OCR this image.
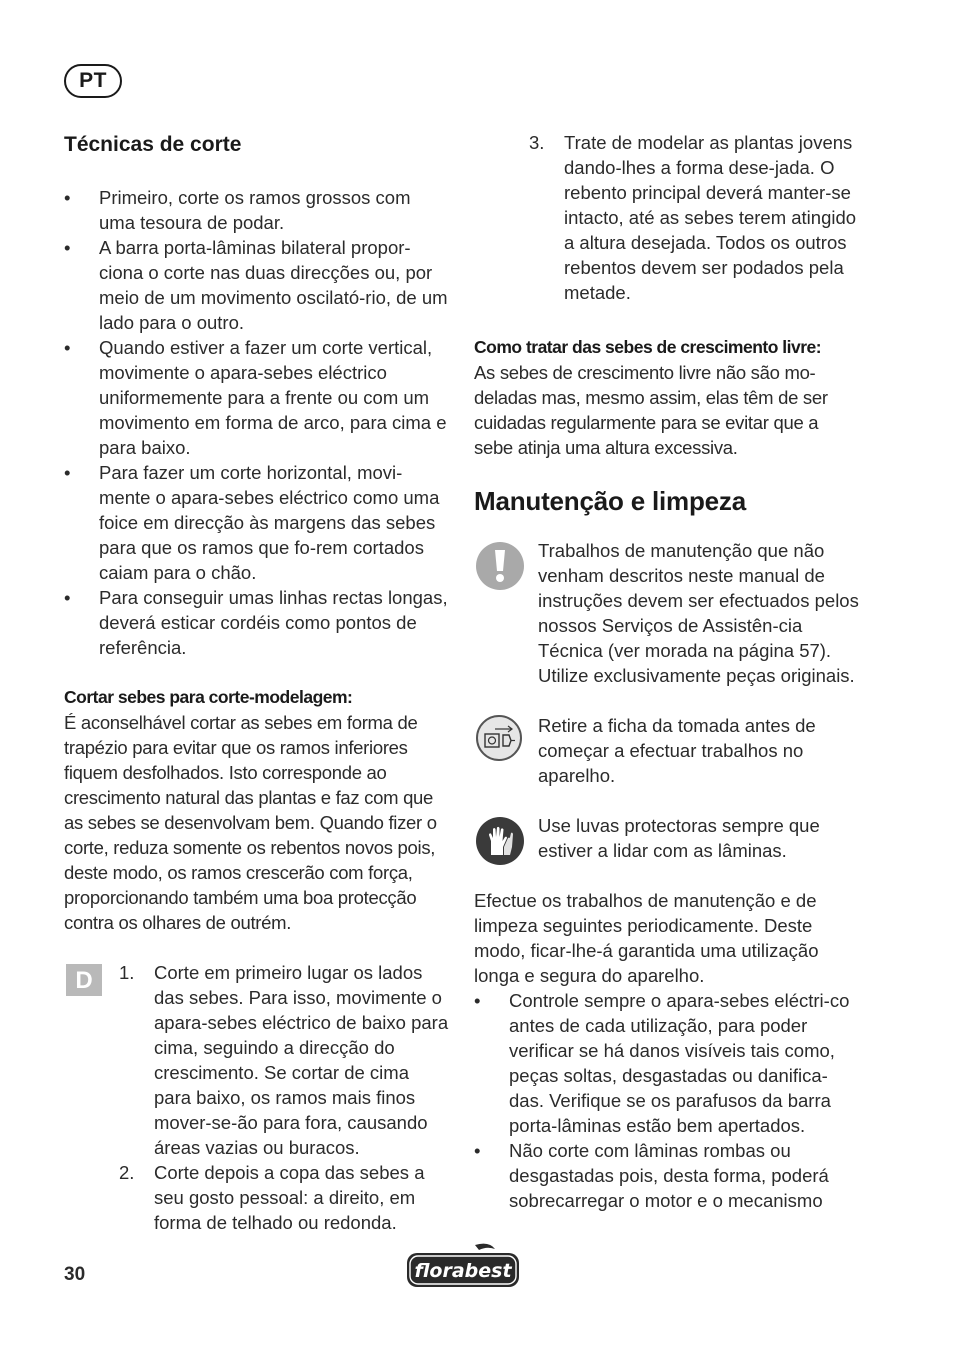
PT
Técnicas de corte
• Primeiro, corte os ramos grossos com uma tesoura de podar.
• A barra porta-lâminas bilateral propor-ciona o corte nas duas direcções ou, por meio de um movimento oscilató-rio, de um lado para o outro.
• Quando estiver a fazer um corte vertical, movimente o apara-sebes eléctrico uniformemente para a frente ou com um movimento em forma de arco, para cima e para baixo.
• Para fazer um corte horizontal, movi-mente o apara-sebes eléctrico como uma foice em direcção às margens das sebes para que os ramos que fo-rem cortados caiam para o chão.
• Para conseguir umas linhas rectas longas, deverá esticar cordéis como pontos de referência.

Cortar sebes para corte-modelagem:

É aconselhável cortar as sebes em forma de trapézio para evitar que os ramos inferiores fiquem desfolhados. Isto corresponde ao crescimento natural das plantas e faz com que as sebes se desenvolvam bem. Quando fizer o corte, reduza somente os rebentos novos pois, deste modo, os ramos crescerão com força, proporcionando também uma boa protecção contra os olhares de outrém.

D 1.	Corte em primeiro lugar os lados das sebes. Para isso, movimente o apara-sebes eléctrico de baixo para cima, seguindo a direcção do crescimento. Se cortar de cima para baixo, os ramos mais finos mover-se-ão para fora, causando áreas vazias ou buracos.
2.	Corte depois a copa das sebes a seu gosto pessoal: a direito, em forma de telhado ou redonda.
3.	Trate de modelar as plantas jovens dando-lhes a forma dese-jada. O rebento principal deverá manter-se intacto, até as sebes terem atingido a altura desejada. Todos os outros rebentos devem ser podados pela metade.

Como tratar das sebes de crescimento livre:

As sebes de crescimento livre não são mo-deladas mas, mesmo assim, elas têm de ser cuidadas regularmente para se evitar que a sebe atinja uma altura excessiva.

Manutenção e limpeza

Trabalhos de manutenção que não venham descritos neste manual de instruções devem ser efectuados pelos nossos Serviços de Assistên-cia Técnica (ver morada na página 57). Utilize exclusivamente peças originais.

Retire a ficha da tomada antes de começar a efectuar trabalhos no aparelho.

Use luvas protectoras sempre que estiver a lidar com as lâminas.

Efectue os trabalhos de manutenção e de limpeza seguintes periodicamente. Deste modo, ficar-lhe-á garantida uma utilização longa e segura do aparelho.

• Controle sempre o apara-sebes eléctri-co antes de cada utilização, para poder verificar se há danos visíveis tais como, peças soltas, desgastadas ou danifica-das. Verifique se os parafusos da barra porta-lâminas estão bem apertados.
• Não corte com lâminas rombas ou desgastadas pois, desta forma, poderá sobrecarregar o motor e o mecanismo
30	florabest
